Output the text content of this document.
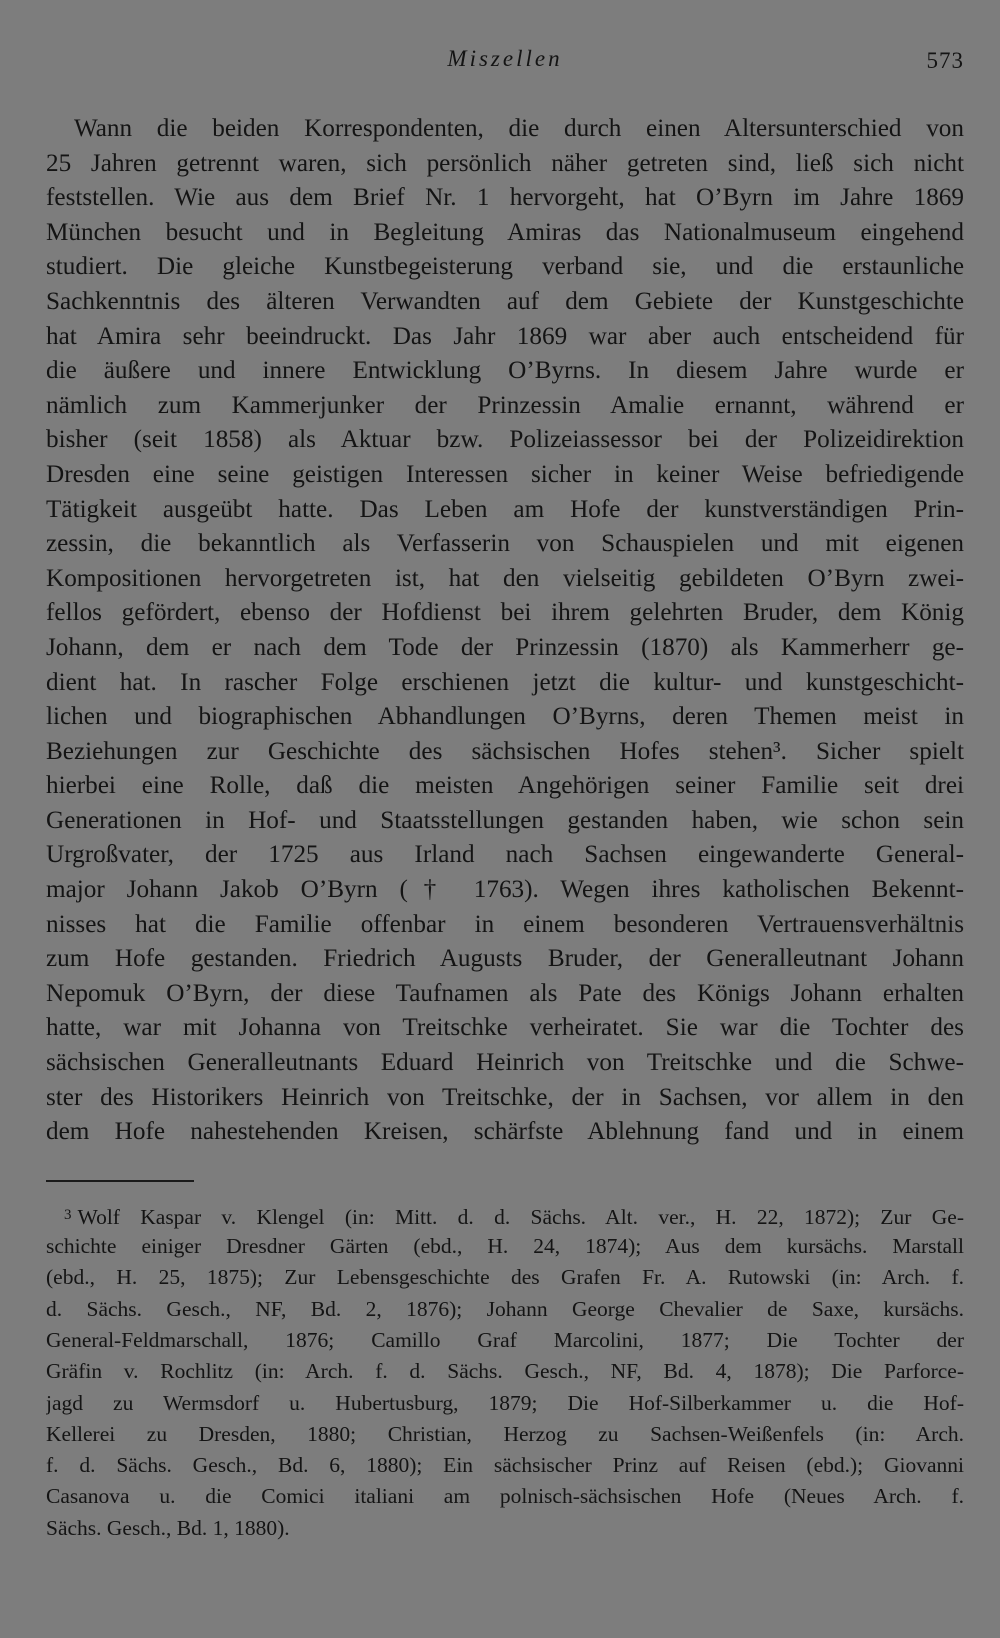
Miszellen	573
Wann die beiden Korrespondenten, die durch einen Altersunterschied von
25 Jahren getrennt waren, sich persönlich näher getreten sind, ließ sich nicht
feststellen. Wie aus dem Brief Nr. 1 hervorgeht, hat O’Byrn im Jahre 1869
München besucht und in Begleitung Amiras das Nationalmuseum eingehend
studiert. Die gleiche Kunstbegeisterung verband sie, und die erstaunliche
Sachkenntnis des älteren Verwandten auf dem Gebiete der Kunstgeschichte
hat Amira sehr beeindruckt. Das Jahr 1869 war aber auch entscheidend für
die äußere und innere Entwicklung O’Byrns. In diesem Jahre wurde er
nämlich zum Kammerjunker der Prinzessin Amalie ernannt, während er
bisher (seit 1858) als Aktuar bzw. Polizeiassessor bei der Polizeidirektion
Dresden eine seine geistigen Interessen sicher in keiner Weise befriedigende
Tätigkeit ausgeübt hatte. Das Leben am Hofe der kunstverständigen Prin-
zessin, die bekanntlich als Verfasserin von Schauspielen und mit eigenen
Kompositionen hervorgetreten ist, hat den vielseitig gebildeten O’Byrn zwei-
fellos gefördert, ebenso der Hofdienst bei ihrem gelehrten Bruder, dem König
Johann, dem er nach dem Tode der Prinzessin (1870) als Kammerherr ge-
dient hat. In rascher Folge erschienen jetzt die kultur- und kunstgeschicht-
lichen und biographischen Abhandlungen O’Byrns, deren Themen meist in
Beziehungen zur Geschichte des sächsischen Hofes stehen³. Sicher spielt
hierbei eine Rolle, daß die meisten Angehörigen seiner Familie seit drei
Generationen in Hof- und Staatsstellungen gestanden haben, wie schon sein
Urgroßvater, der 1725 aus Irland nach Sachsen eingewanderte General-
major Johann Jakob O’Byrn († 1763). Wegen ihres katholischen Bekennt-
nisses hat die Familie offenbar in einem besonderen Vertrauensverhältnis
zum Hofe gestanden. Friedrich Augusts Bruder, der Generalleutnant Johann
Nepomuk O’Byrn, der diese Taufnamen als Pate des Königs Johann erhalten
hatte, war mit Johanna von Treitschke verheiratet. Sie war die Tochter des
sächsischen Generalleutnants Eduard Heinrich von Treitschke und die Schwe-
ster des Historikers Heinrich von Treitschke, der in Sachsen, vor allem in den
dem Hofe nahestehenden Kreisen, schärfste Ablehnung fand und in einem
$^3$ Wolf Kaspar v. Klengel (in: Mitt. d. d. Sächs. Alt. ver., H. 22, 1872); Zur Ge-
schichte einiger Dresdner Gärten (ebd., H. 24, 1874); Aus dem kursächs. Marstall
(ebd., H. 25, 1875); Zur Lebensgeschichte des Grafen Fr. A. Rutowski (in: Arch. f.
d. Sächs. Gesch., NF, Bd. 2, 1876); Johann George Chevalier de Saxe, kursächs.
General-Feldmarschall, 1876; Camillo Graf Marcolini, 1877; Die Tochter der
Gräfin v. Rochlitz (in: Arch. f. d. Sächs. Gesch., NF, Bd. 4, 1878); Die Parforce-
jagd zu Wermsdorf u. Hubertusburg, 1879; Die Hof-Silberkammer u. die Hof-
Kellerei zu Dresden, 1880; Christian, Herzog zu Sachsen-Weißenfels (in: Arch.
f. d. Sächs. Gesch., Bd. 6, 1880); Ein sächsischer Prinz auf Reisen (ebd.); Giovanni
Casanova u. die Comici italiani am polnisch-sächsischen Hofe (Neues Arch. f.
Sächs. Gesch., Bd. 1, 1880).
